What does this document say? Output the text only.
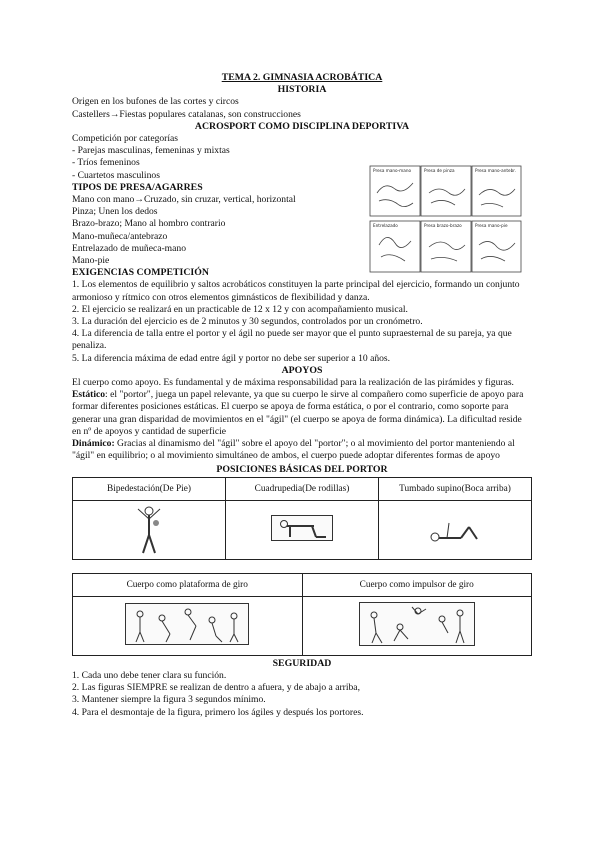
TEMA 2. GIMNASIA ACROBÁTICA
HISTORIA
Origen en los bufones de las cortes y circos
Castellers→Fiestas populares catalanas, son construcciones
ACROSPORT COMO DISCIPLINA DEPORTIVA
Competición por categorías
- Parejas masculinas, femeninas y mixtas
- Tríos femeninos
- Cuartetos masculinos
TIPOS DE PRESA/AGARRES
Mano con mano→Cruzado, sin cruzar, vertical, horizontal
Pinza; Unen los dedos
Brazo-brazo; Mano al hombro contrario
Mano-muñeca/antebrazo
Entrelazado de muñeca-mano
Mano-pie
EXIGENCIAS COMPETICIÓN

1. Los elementos de equilibrio y saltos acrobáticos constituyen la parte principal del ejercicio, formando un conjunto armonioso y rítmico con otros elementos gimnásticos de flexibilidad y danza.

2. El ejercicio se realizará en un practicable de 12 x 12 y con acompañamiento musical.

3. La duración del ejercicio es de 2 minutos y 30 segundos, controlados por un cronómetro.

4. La diferencia de talla entre el portor y el ágil no puede ser mayor que el punto supraesternal de su pareja, ya que penaliza.

5. La diferencia máxima de edad entre ágil y portor no debe ser superior a 10 años.

APOYOS

El cuerpo como apoyo. Es fundamental y de máxima responsabilidad para la realización de las pirámides y figuras.

Estático: el "portor", juega un papel relevante, ya que su cuerpo le sirve al compañero como superficie de apoyo para formar diferentes posiciones estáticas. El cuerpo se apoya de forma estática, o por el contrario, como soporte para generar una gran disparidad de movimientos en el "ágil" (el cuerpo se apoya de forma dinámica). La dificultad reside en nº de apoyos y cantidad de superficie

Dinámico: Gracias al dinamismo del "ágil" sobre el apoyo del "portor"; o al movimiento del portor manteniendo al "ágil" en equilibrio; o al movimiento simultáneo de ambos, el cuerpo puede adoptar diferentes formas de apoyo

POSICIONES BÁSICAS DEL PORTOR
Bipedestación(De Pie)	Cuadrupedia(De rodillas)	Tumbado supino(Boca arriba)

Cuerpo como plataforma de giro	Cuerpo como impulsor de giro

SEGURIDAD
1. Cada uno debe tener clara su función.
2. Las figuras SIEMPRE se realizan de dentro a afuera, y de abajo a arriba,
3. Mantener siempre la figura 3 segundos mínimo.
4. Para el desmontaje de la figura, primero los ágiles y después los portores.
Presa mano-mano	Presa de pinza	Presa mano-antebr.
Entrelazado	Presa brazo-brazo	Presa mano-pie
